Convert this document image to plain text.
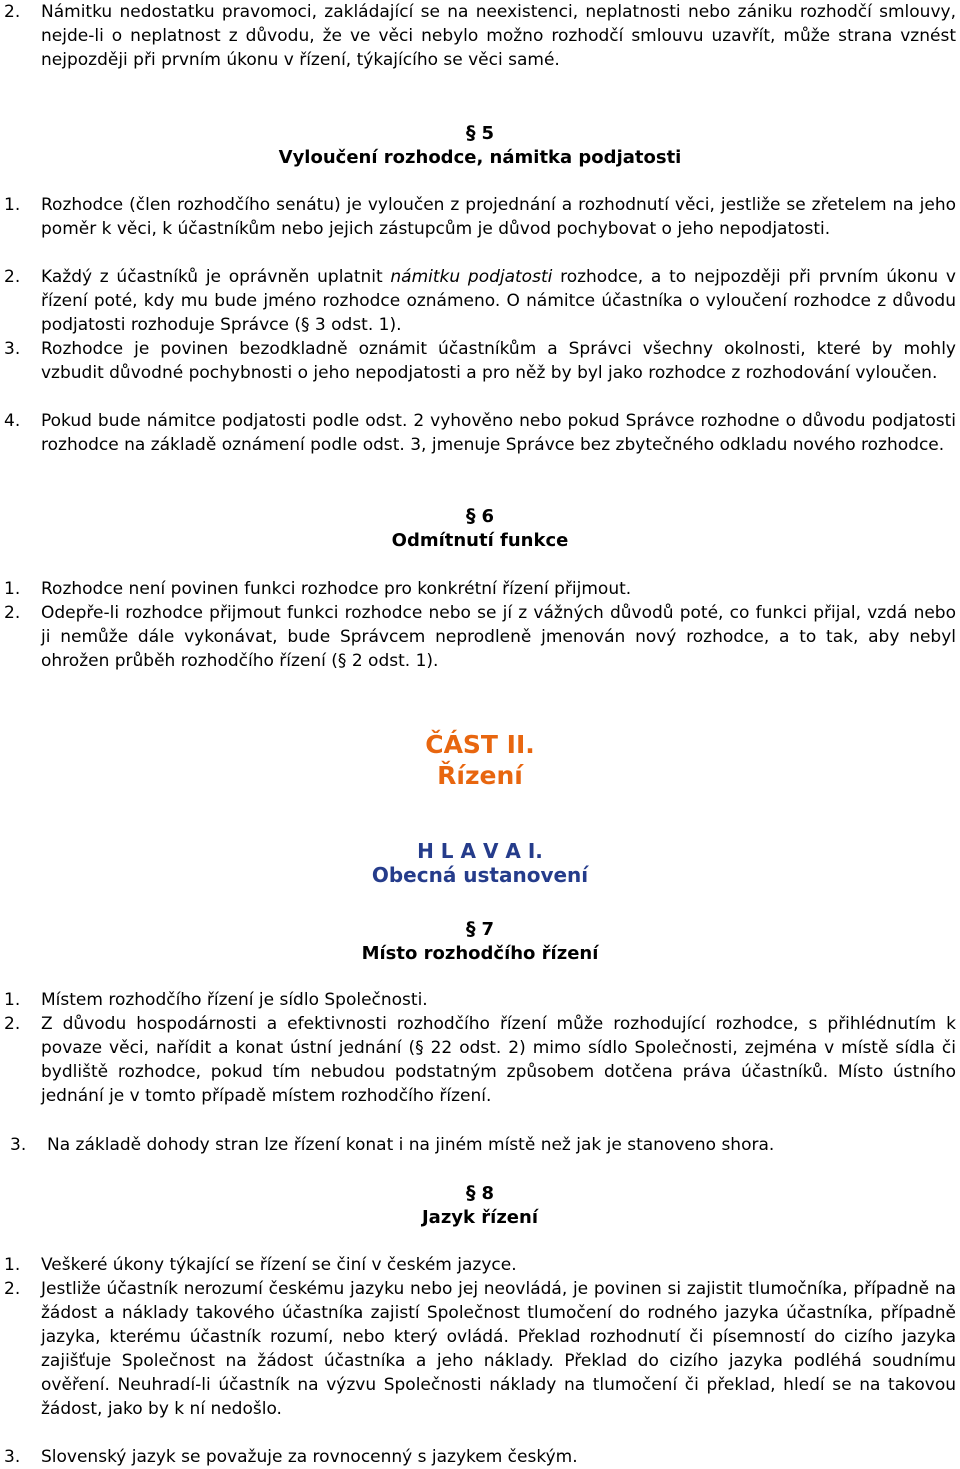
2.	Námitku nedostatku pravomoci, zakládající se na neexistenci, neplatnosti nebo zániku rozhodčí smlouvy, nejde-li o neplatnost z důvodu, že ve věci nebylo možno rozhodčí smlouvu uzavřít, může strana vznést nejpozději při prvním úkonu v řízení, týkajícího se věci samé.
§ 5
Vyloučení rozhodce, námitka podjatosti
1.	Rozhodce (člen rozhodčího senátu) je vyloučen z projednání a rozhodnutí věci, jestliže se zřetelem na jeho poměr k věci, k účastníkům nebo jejich zástupcům je důvod pochybovat o jeho nepodjatosti.
2.	Každý z účastníků je oprávněn uplatnit námitku podjatosti rozhodce, a to nejpozději při prvním úkonu v řízení poté, kdy mu bude jméno rozhodce oznámeno. O námitce účastníka o vyloučení rozhodce z důvodu podjatosti rozhoduje Správce (§ 3 odst. 1).
3.	Rozhodce je povinen bezodkladně oznámit účastníkům a Správci všechny okolnosti, které by mohly vzbudit důvodné pochybnosti o jeho nepodjatosti a pro něž by byl jako rozhodce z rozhodování vyloučen.
4.	Pokud bude námitce podjatosti podle odst. 2 vyhověno nebo pokud Správce rozhodne o důvodu podjatosti rozhodce na základě oznámení podle odst. 3, jmenuje Správce bez zbytečného odkladu nového rozhodce.
§ 6
Odmítnutí funkce
1.	Rozhodce není povinen funkci rozhodce pro konkrétní řízení přijmout.
2.	Odepře-li rozhodce přijmout funkci rozhodce nebo se jí z vážných důvodů poté, co funkci přijal, vzdá nebo ji nemůže dále vykonávat, bude Správcem neprodleně jmenován nový rozhodce, a to tak, aby nebyl ohrožen průběh rozhodčího řízení (§ 2 odst. 1).
ČÁST II.
Řízení
H L A V A I.
Obecná ustanovení
§ 7
Místo rozhodčího řízení
1.	Místem rozhodčího řízení je sídlo Společnosti.
2.	Z důvodu hospodárnosti a efektivnosti rozhodčího řízení může rozhodující rozhodce, s přihlédnutím k povaze věci, nařídit a konat ústní jednání (§ 22 odst. 2) mimo sídlo Společnosti, zejména v místě sídla či bydliště rozhodce, pokud tím nebudou podstatným způsobem dotčena práva účastníků. Místo ústního jednání je v tomto případě místem rozhodčího řízení.
3.	Na základě dohody stran lze řízení konat i na jiném místě než jak je stanoveno shora.
§ 8
Jazyk řízení
1.	Veškeré úkony týkající se řízení se činí v českém jazyce.
2.	Jestliže účastník nerozumí českému jazyku nebo jej neovládá, je povinen si zajistit tlumočníka, případně na žádost a náklady takového účastníka zajistí Společnost tlumočení do rodného jazyka účastníka, případně jazyka, kterému účastník rozumí, nebo který ovládá. Překlad rozhodnutí či písemností do cizího jazyka zajišťuje Společnost na žádost účastníka a jeho náklady. Překlad do cizího jazyka podléhá soudnímu ověření. Neuhradí-li účastník na výzvu Společnosti náklady na tlumočení či překlad, hledí se na takovou žádost, jako by k ní nedošlo.
3.	Slovenský jazyk se považuje za rovnocenný s jazykem českým.
